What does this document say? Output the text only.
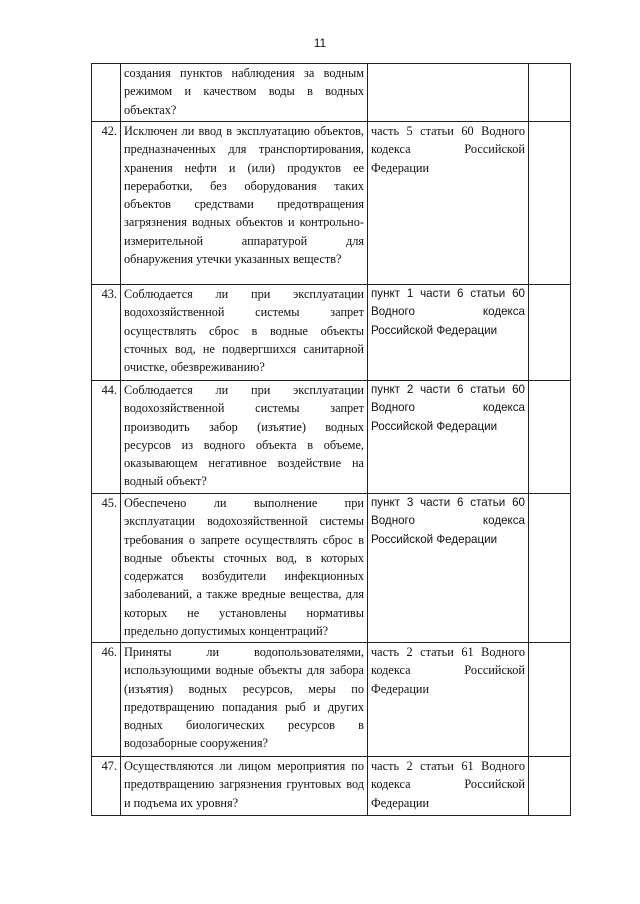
11
	создания пунктов наблюдения за водным режимом и качеством воды в водных объектах?		
42.	Исключен ли ввод в эксплуатацию объектов, предназначенных для транспортирования, хранения нефти и (или) продуктов ее переработки, без оборудования таких объектов средствами предотвращения загрязнения водных объектов и контрольно-измерительной аппаратурой для обнаружения утечки указанных веществ?	часть 5 статьи 60 Водного кодекса Российской Федерации	
43.	Соблюдается ли при эксплуатации водохозяйственной системы запрет осуществлять сброс в водные объекты сточных вод, не подвергшихся санитарной очистке, обезвреживанию?	пункт 1 части 6 статьи 60 Водного кодекса Российской Федерации	
44.	Соблюдается ли при эксплуатации водохозяйственной системы запрет производить забор (изъятие) водных ресурсов из водного объекта в объеме, оказывающем негативное воздействие на водный объект?	пункт 2 части 6 статьи 60 Водного кодекса Российской Федерации	
45.	Обеспечено ли выполнение при эксплуатации водохозяйственной системы требования о запрете осуществлять сброс в водные объекты сточных вод, в которых содержатся возбудители инфекционных заболеваний, а также вредные вещества, для которых не установлены нормативы предельно допустимых концентраций?	пункт 3 части 6 статьи 60 Водного кодекса Российской Федерации	
46.	Приняты ли водопользователями, использующими водные объекты для забора (изъятия) водных ресурсов, меры по предотвращению попадания рыб и других водных биологических ресурсов в водозаборные сооружения?	часть 2 статьи 61 Водного кодекса Российской Федерации	
47.	Осуществляются ли лицом мероприятия по предотвращению загрязнения грунтовых вод и подъема их уровня?	часть 2 статьи 61 Водного кодекса Российской Федерации	
